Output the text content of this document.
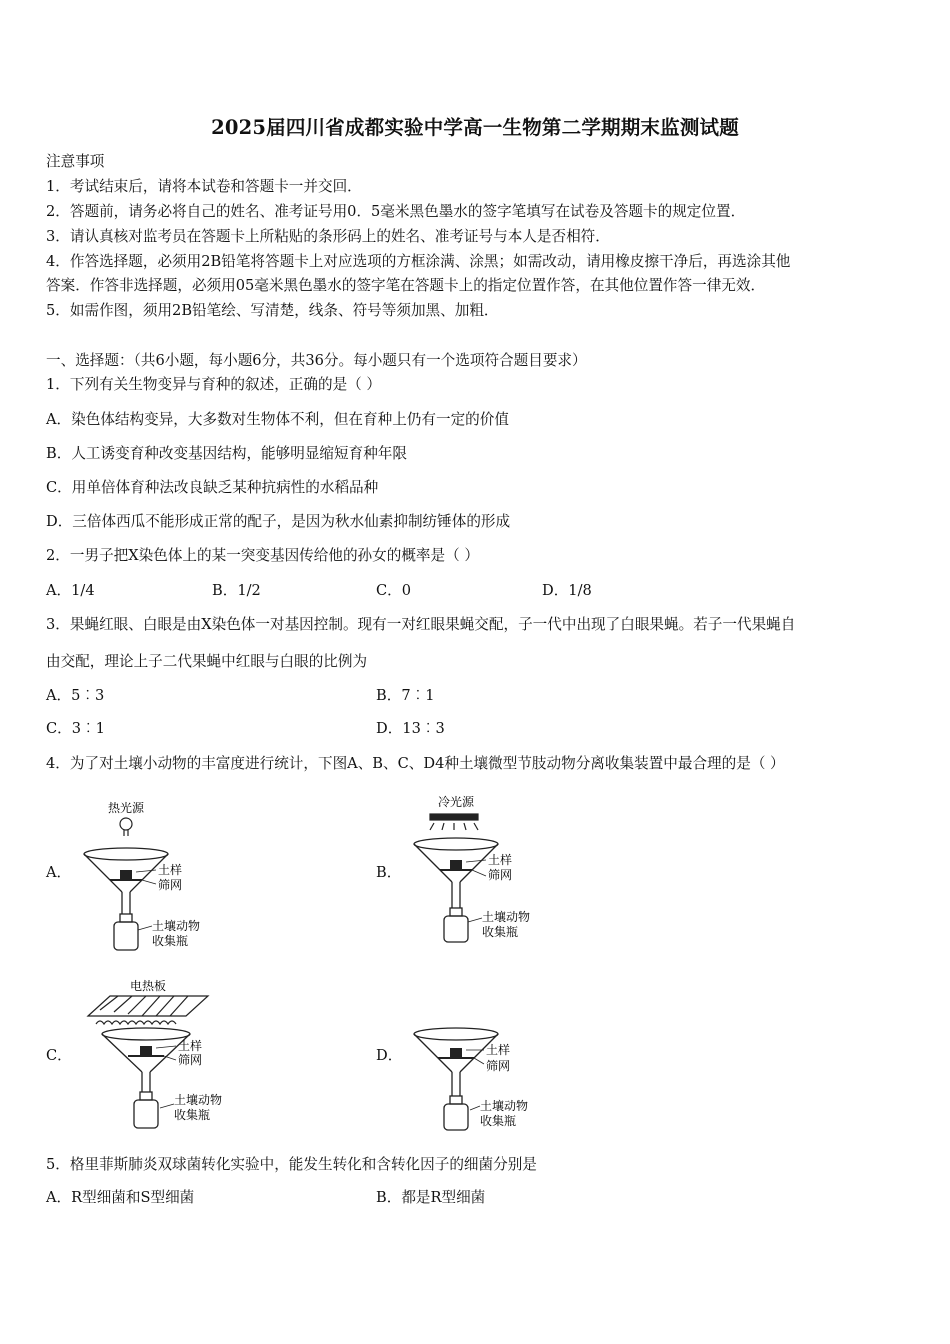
2025届四川省成都实验中学高一生物第二学期期末监测试题
注意事项
1．考试结束后，请将本试卷和答题卡一并交回．
2．答题前，请务必将自己的姓名、准考证号用0．5毫米黑色墨水的签字笔填写在试卷及答题卡的规定位置．
3．请认真核对监考员在答题卡上所粘贴的条形码上的姓名、准考证号与本人是否相符．
4．作答选择题，必须用2B铅笔将答题卡上对应选项的方框涂满、涂黑；如需改动，请用橡皮擦干净后，再选涂其他
答案．作答非选择题，必须用05毫米黑色墨水的签字笔在答题卡上的指定位置作答，在其他位置作答一律无效．
5．如需作图，须用2B铅笔绘、写清楚，线条、符号等须加黑、加粗．
一、选择题：（共6小题，每小题6分，共36分。每小题只有一个选项符合题目要求）
1．下列有关生物变异与育种的叙述，正确的是（ ）
A．染色体结构变异，大多数对生物体不利，但在育种上仍有一定的价值
B．人工诱变育种改变基因结构，能够明显缩短育种年限
C．用单倍体育种法改良缺乏某种抗病性的水稻品种
D．三倍体西瓜不能形成正常的配子，是因为秋水仙素抑制纺锤体的形成
2．一男子把X染色体上的某一突变基因传给他的孙女的概率是（ ）
A．1/4	B．1/2	C．0	D．1/8
3．果蝇红眼、白眼是由X染色体一对基因控制。现有一对红眼果蝇交配，子一代中出现了白眼果蝇。若子一代果蝇自
由交配，理论上子二代果蝇中红眼与白眼的比例为
A．5︰3	B．7︰1
C．3︰1	D．13︰3
4．为了对土壤小动物的丰富度进行统计，下图A、B、C、D4种土壤微型节肢动物分离收集装置中最合理的是（ ）
A．	B．
C．	D．
热光源
土样
筛网
土壤动物
收集瓶
冷光源
土样
筛网
土壤动物
收集瓶
电热板
土样
筛网
土壤动物
收集瓶
土样
筛网
土壤动物
收集瓶
5．格里菲斯肺炎双球菌转化实验中，能发生转化和含转化因子的细菌分别是
A．R型细菌和S型细菌	B．都是R型细菌
